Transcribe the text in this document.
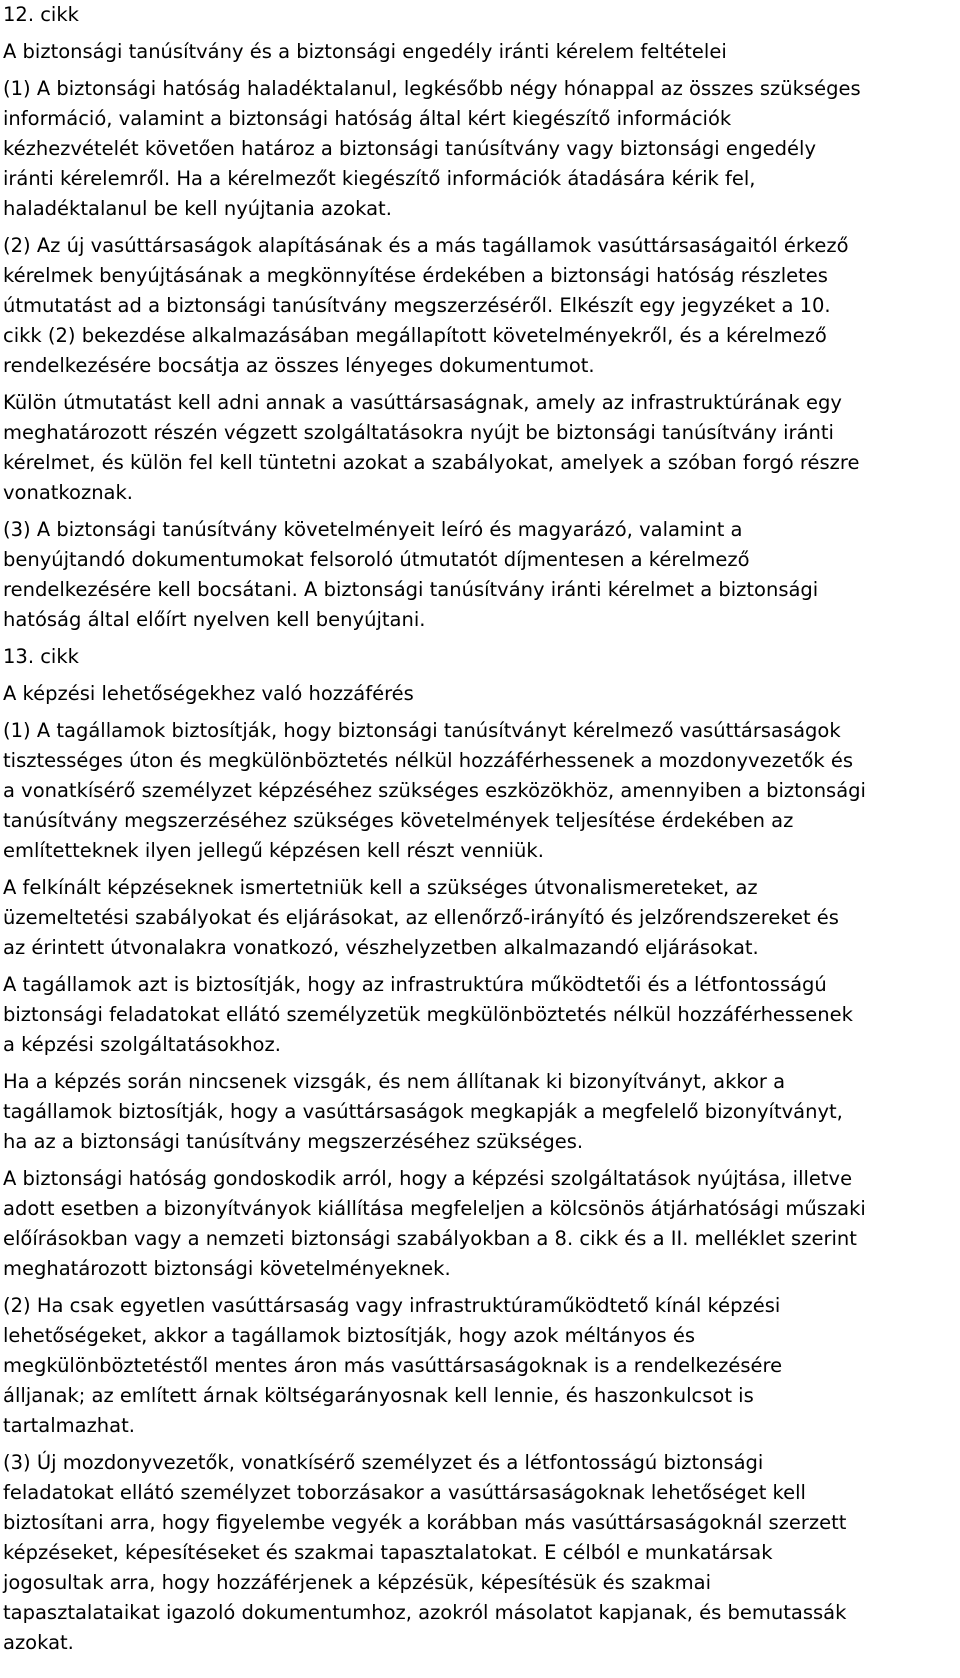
12. cikk
A biztonsági tanúsítvány és a biztonsági engedély iránti kérelem feltételei
(1) A biztonsági hatóság haladéktalanul, legkésőbb négy hónappal az összes szükséges
információ, valamint a biztonsági hatóság által kért kiegészítő információk
kézhezvételét követően határoz a biztonsági tanúsítvány vagy biztonsági engedély
iránti kérelemről. Ha a kérelmezőt kiegészítő információk átadására kérik fel,
haladéktalanul be kell nyújtania azokat.
(2) Az új vasúttársaságok alapításának és a más tagállamok vasúttársaságaitól érkező
kérelmek benyújtásának a megkönnyítése érdekében a biztonsági hatóság részletes
útmutatást ad a biztonsági tanúsítvány megszerzéséről. Elkészít egy jegyzéket a 10.
cikk (2) bekezdése alkalmazásában megállapított követelményekről, és a kérelmező
rendelkezésére bocsátja az összes lényeges dokumentumot.
Külön útmutatást kell adni annak a vasúttársaságnak, amely az infrastruktúrának egy
meghatározott részén végzett szolgáltatásokra nyújt be biztonsági tanúsítvány iránti
kérelmet, és külön fel kell tüntetni azokat a szabályokat, amelyek a szóban forgó részre
vonatkoznak.
(3) A biztonsági tanúsítvány követelményeit leíró és magyarázó, valamint a
benyújtandó dokumentumokat felsoroló útmutatót díjmentesen a kérelmező
rendelkezésére kell bocsátani. A biztonsági tanúsítvány iránti kérelmet a biztonsági
hatóság által előírt nyelven kell benyújtani.
13. cikk
A képzési lehetőségekhez való hozzáférés
(1) A tagállamok biztosítják, hogy biztonsági tanúsítványt kérelmező vasúttársaságok
tisztességes úton és megkülönböztetés nélkül hozzáférhessenek a mozdonyvezetők és
a vonatkísérő személyzet képzéséhez szükséges eszközökhöz, amennyiben a biztonsági
tanúsítvány megszerzéséhez szükséges követelmények teljesítése érdekében az
említetteknek ilyen jellegű képzésen kell részt venniük.
A felkínált képzéseknek ismertetniük kell a szükséges útvonalismereteket, az
üzemeltetési szabályokat és eljárásokat, az ellenőrző-irányító és jelzőrendszereket és
az érintett útvonalakra vonatkozó, vészhelyzetben alkalmazandó eljárásokat.
A tagállamok azt is biztosítják, hogy az infrastruktúra működtetői és a létfontosságú
biztonsági feladatokat ellátó személyzetük megkülönböztetés nélkül hozzáférhessenek
a képzési szolgáltatásokhoz.
Ha a képzés során nincsenek vizsgák, és nem állítanak ki bizonyítványt, akkor a
tagállamok biztosítják, hogy a vasúttársaságok megkapják a megfelelő bizonyítványt,
ha az a biztonsági tanúsítvány megszerzéséhez szükséges.
A biztonsági hatóság gondoskodik arról, hogy a képzési szolgáltatások nyújtása, illetve
adott esetben a bizonyítványok kiállítása megfeleljen a kölcsönös átjárhatósági műszaki
előírásokban vagy a nemzeti biztonsági szabályokban a 8. cikk és a II. melléklet szerint
meghatározott biztonsági követelményeknek.
(2) Ha csak egyetlen vasúttársaság vagy infrastruktúraműködtető kínál képzési
lehetőségeket, akkor a tagállamok biztosítják, hogy azok méltányos és
megkülönböztetéstől mentes áron más vasúttársaságoknak is a rendelkezésére
álljanak; az említett árnak költségarányosnak kell lennie, és haszonkulcsot is
tartalmazhat.
(3) Új mozdonyvezetők, vonatkísérő személyzet és a létfontosságú biztonsági
feladatokat ellátó személyzet toborzásakor a vasúttársaságoknak lehetőséget kell
biztosítani arra, hogy figyelembe vegyék a korábban más vasúttársaságoknál szerzett
képzéseket, képesítéseket és szakmai tapasztalatokat. E célból e munkatársak
jogosultak arra, hogy hozzáférjenek a képzésük, képesítésük és szakmai
tapasztalataikat igazoló dokumentumhoz, azokról másolatot kapjanak, és bemutassák
azokat.
